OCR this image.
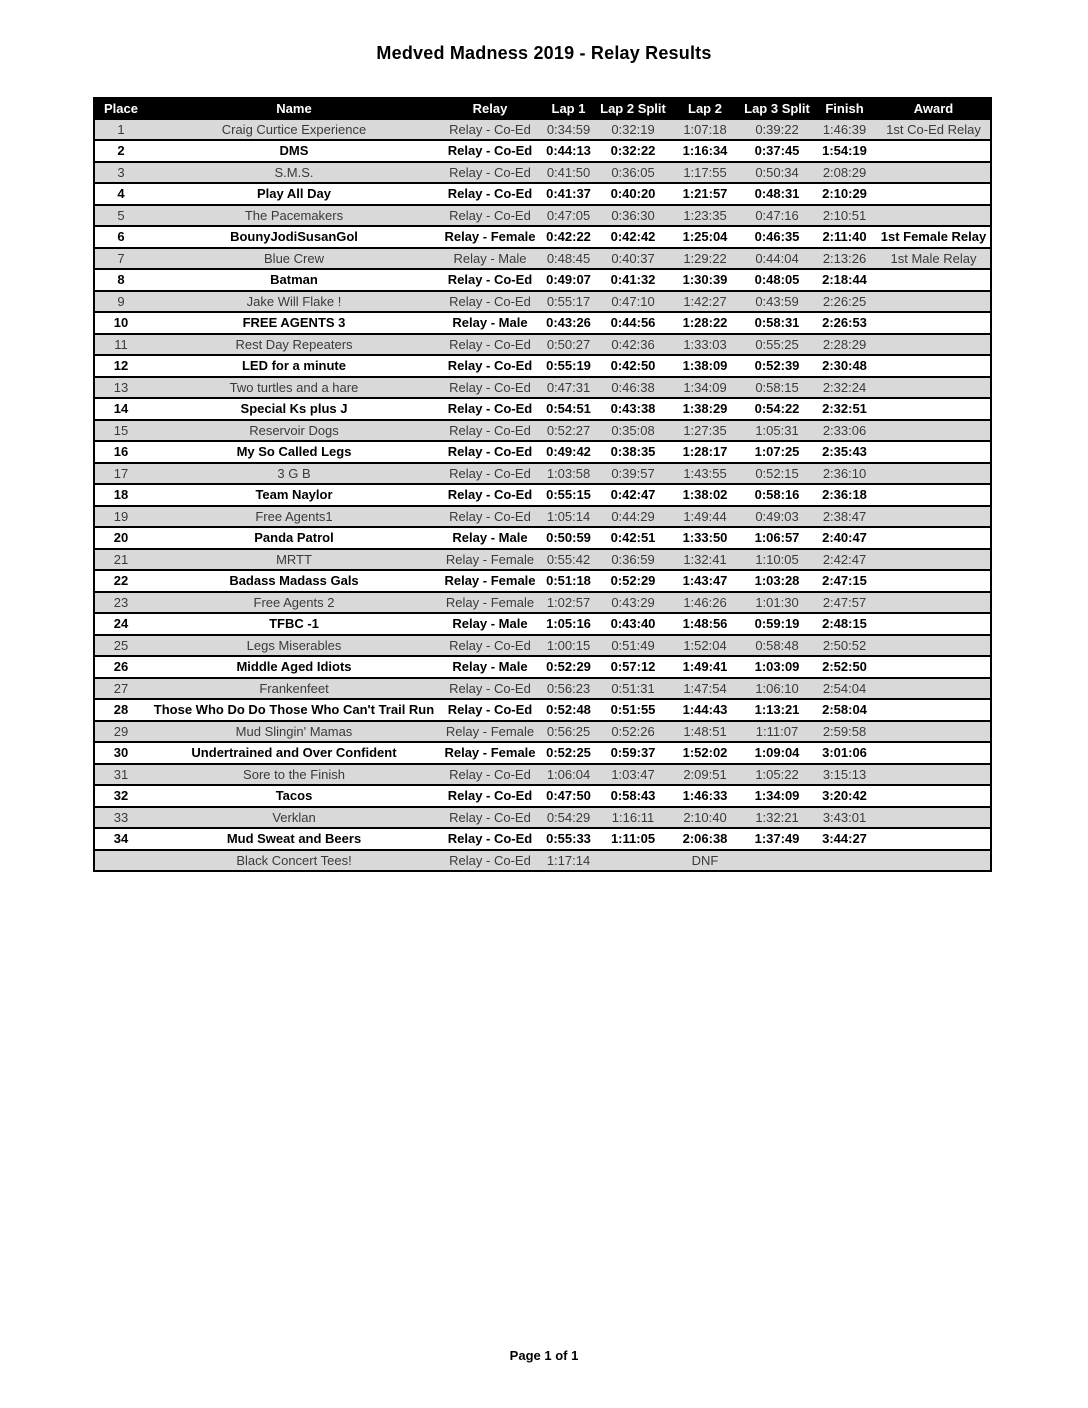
Medved Madness 2019 - Relay Results
Place	Name	Relay	Lap 1	Lap 2 Split	Lap 2	Lap 3 Split	Finish	Award
1	Craig Curtice Experience	Relay - Co-Ed	0:34:59	0:32:19	1:07:18	0:39:22	1:46:39	1st Co-Ed Relay
2	DMS	Relay - Co-Ed	0:44:13	0:32:22	1:16:34	0:37:45	1:54:19	
3	S.M.S.	Relay - Co-Ed	0:41:50	0:36:05	1:17:55	0:50:34	2:08:29	
4	Play All Day	Relay - Co-Ed	0:41:37	0:40:20	1:21:57	0:48:31	2:10:29	
5	The Pacemakers	Relay - Co-Ed	0:47:05	0:36:30	1:23:35	0:47:16	2:10:51	
6	BounyJodiSusanGol	Relay - Female	0:42:22	0:42:42	1:25:04	0:46:35	2:11:40	1st Female Relay
7	Blue Crew	Relay - Male	0:48:45	0:40:37	1:29:22	0:44:04	2:13:26	1st Male Relay
8	Batman	Relay - Co-Ed	0:49:07	0:41:32	1:30:39	0:48:05	2:18:44	
9	Jake Will Flake !	Relay - Co-Ed	0:55:17	0:47:10	1:42:27	0:43:59	2:26:25	
10	FREE AGENTS 3	Relay - Male	0:43:26	0:44:56	1:28:22	0:58:31	2:26:53	
11	Rest Day Repeaters	Relay - Co-Ed	0:50:27	0:42:36	1:33:03	0:55:25	2:28:29	
12	LED for a minute	Relay - Co-Ed	0:55:19	0:42:50	1:38:09	0:52:39	2:30:48	
13	Two turtles and a hare	Relay - Co-Ed	0:47:31	0:46:38	1:34:09	0:58:15	2:32:24	
14	Special Ks plus J	Relay - Co-Ed	0:54:51	0:43:38	1:38:29	0:54:22	2:32:51	
15	Reservoir Dogs	Relay - Co-Ed	0:52:27	0:35:08	1:27:35	1:05:31	2:33:06	
16	My So Called Legs	Relay - Co-Ed	0:49:42	0:38:35	1:28:17	1:07:25	2:35:43	
17	3 G B	Relay - Co-Ed	1:03:58	0:39:57	1:43:55	0:52:15	2:36:10	
18	Team Naylor	Relay - Co-Ed	0:55:15	0:42:47	1:38:02	0:58:16	2:36:18	
19	Free Agents1	Relay - Co-Ed	1:05:14	0:44:29	1:49:44	0:49:03	2:38:47	
20	Panda Patrol	Relay - Male	0:50:59	0:42:51	1:33:50	1:06:57	2:40:47	
21	MRTT	Relay - Female	0:55:42	0:36:59	1:32:41	1:10:05	2:42:47	
22	Badass Madass Gals	Relay - Female	0:51:18	0:52:29	1:43:47	1:03:28	2:47:15	
23	Free Agents 2	Relay - Female	1:02:57	0:43:29	1:46:26	1:01:30	2:47:57	
24	TFBC -1	Relay - Male	1:05:16	0:43:40	1:48:56	0:59:19	2:48:15	
25	Legs Miserables	Relay - Co-Ed	1:00:15	0:51:49	1:52:04	0:58:48	2:50:52	
26	Middle Aged Idiots	Relay - Male	0:52:29	0:57:12	1:49:41	1:03:09	2:52:50	
27	Frankenfeet	Relay - Co-Ed	0:56:23	0:51:31	1:47:54	1:06:10	2:54:04	
28	Those Who Do Do Those Who Can't Trail Run	Relay - Co-Ed	0:52:48	0:51:55	1:44:43	1:13:21	2:58:04	
29	Mud Slingin' Mamas	Relay - Female	0:56:25	0:52:26	1:48:51	1:11:07	2:59:58	
30	Undertrained and Over Confident	Relay - Female	0:52:25	0:59:37	1:52:02	1:09:04	3:01:06	
31	Sore to the Finish	Relay - Co-Ed	1:06:04	1:03:47	2:09:51	1:05:22	3:15:13	
32	Tacos	Relay - Co-Ed	0:47:50	0:58:43	1:46:33	1:34:09	3:20:42	
33	Verklan	Relay - Co-Ed	0:54:29	1:16:11	2:10:40	1:32:21	3:43:01	
34	Mud Sweat and Beers	Relay - Co-Ed	0:55:33	1:11:05	2:06:38	1:37:49	3:44:27	
	Black Concert Tees!	Relay - Co-Ed	1:17:14		DNF			
Page 1 of 1
